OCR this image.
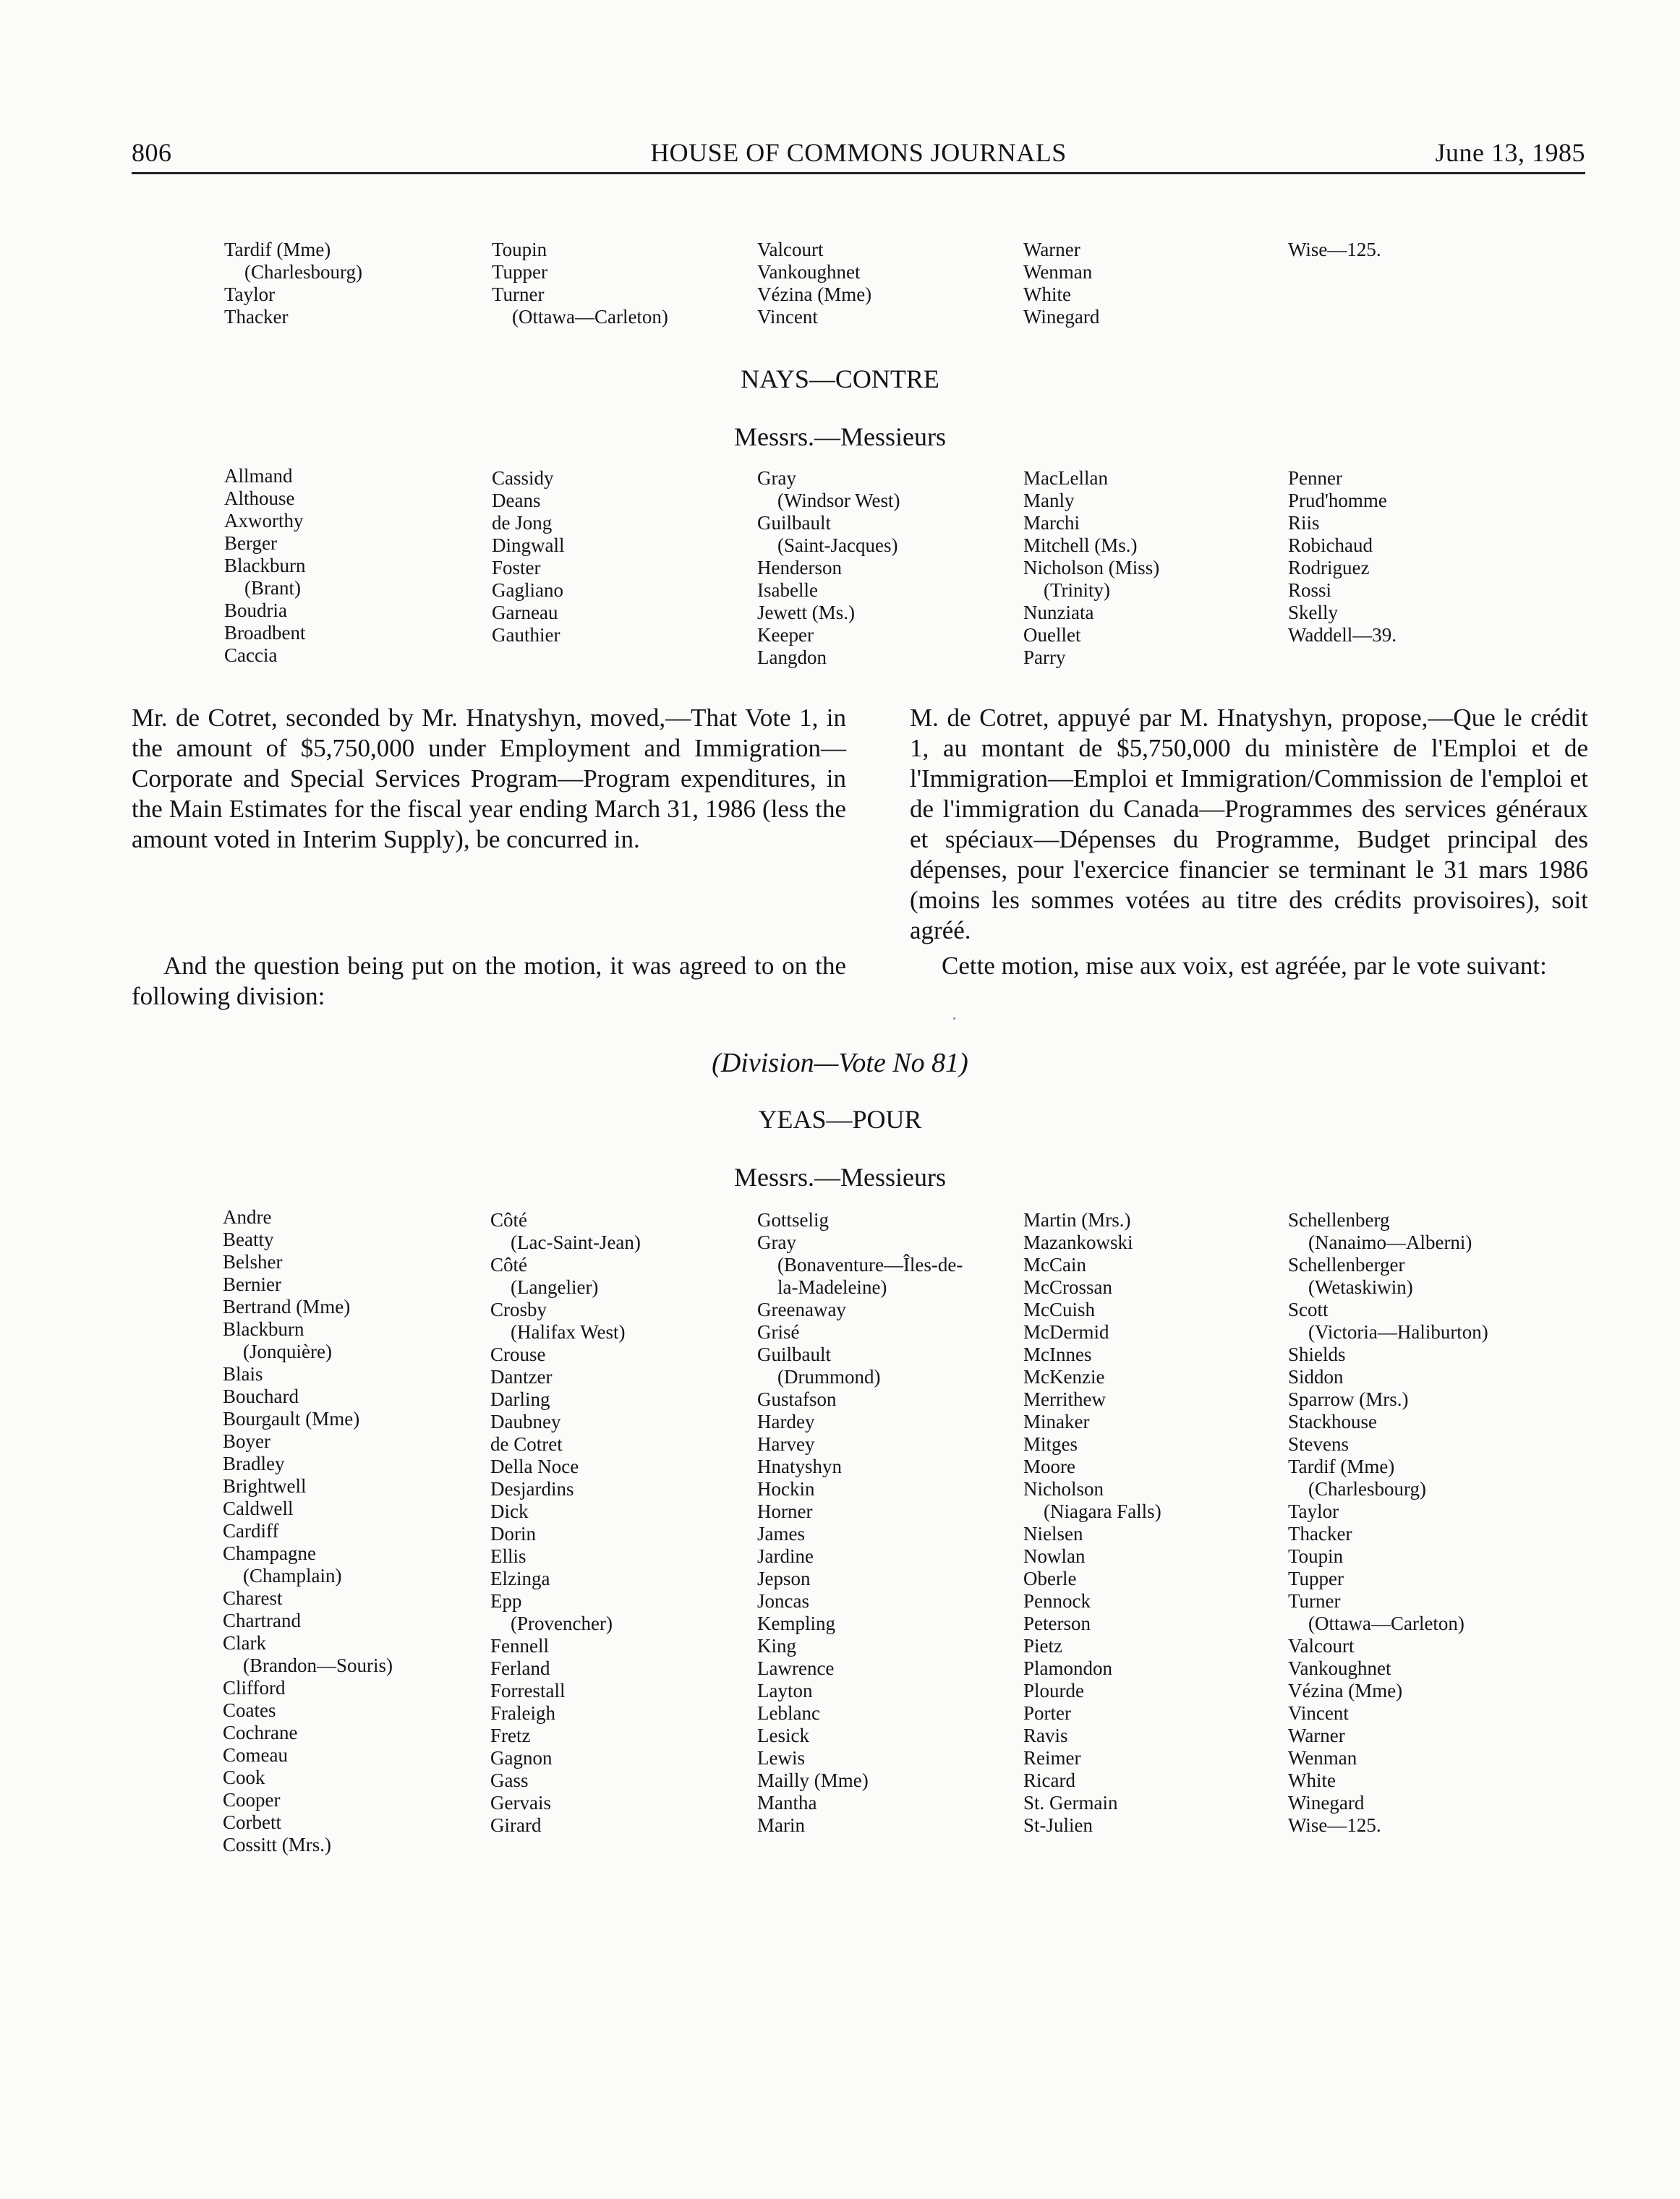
806	HOUSE OF COMMONS JOURNALS	June 13, 1985
Tardif (Mme)
(Charlesbourg)
Taylor
Thacker
Toupin
Tupper
Turner
(Ottawa—Carleton)
Valcourt
Vankoughnet
Vézina (Mme)
Vincent
Warner
Wenman
White
Winegard
Wise—125.
NAYS—CONTRE
Messrs.—Messieurs
Allmand
Althouse
Axworthy
Berger
Blackburn
(Brant)
Boudria
Broadbent
Caccia
Cassidy
Deans
de Jong
Dingwall
Foster
Gagliano
Garneau
Gauthier
Gray
(Windsor West)
Guilbault
(Saint-Jacques)
Henderson
Isabelle
Jewett (Ms.)
Keeper
Langdon
MacLellan
Manly
Marchi
Mitchell (Ms.)
Nicholson (Miss)
(Trinity)
Nunziata
Ouellet
Parry
Penner
Prud'homme
Riis
Robichaud
Rodriguez
Rossi
Skelly
Waddell—39.

Mr. de Cotret, seconded by Mr. Hnatyshyn, moved,—That Vote 1, in the amount of $5,750,000 under Employment and Immigration—Corporate and Special Services Program—Program expenditures, in the Main Estimates for the fiscal year ending March 31, 1986 (less the amount voted in Interim Supply), be concurred in.

M. de Cotret, appuyé par M. Hnatyshyn, propose,—Que le crédit 1, au montant de $5,750,000 du ministère de l'Emploi et de l'Immigration—Emploi et Immigration/Commission de l'emploi et de l'immigration du Canada—Programmes des services généraux et spéciaux—Dépenses du Programme, Budget principal des dépenses, pour l'exercice financier se terminant le 31 mars 1986 (moins les sommes votées au titre des crédits provisoires), soit agréé.

And the question being put on the motion, it was agreed to on the following division:

Cette motion, mise aux voix, est agréée, par le vote suivant:

(Division—Vote No 81)
YEAS—POUR
Messrs.—Messieurs
Andre
Beatty
Belsher
Bernier
Bertrand (Mme)
Blackburn
(Jonquière)
Blais
Bouchard
Bourgault (Mme)
Boyer
Bradley
Brightwell
Caldwell
Cardiff
Champagne
(Champlain)
Charest
Chartrand
Clark
(Brandon—Souris)
Clifford
Coates
Cochrane
Comeau
Cook
Cooper
Corbett
Cossitt (Mrs.)
Côté
(Lac-Saint-Jean)
Côté
(Langelier)
Crosby
(Halifax West)
Crouse
Dantzer
Darling
Daubney
de Cotret
Della Noce
Desjardins
Dick
Dorin
Ellis
Elzinga
Epp
(Provencher)
Fennell
Ferland
Forrestall
Fraleigh
Fretz
Gagnon
Gass
Gervais
Girard
Gottselig
Gray
(Bonaventure—Îles-de-
la-Madeleine)
Greenaway
Grisé
Guilbault
(Drummond)
Gustafson
Hardey
Harvey
Hnatyshyn
Hockin
Horner
James
Jardine
Jepson
Joncas
Kempling
King
Lawrence
Layton
Leblanc
Lesick
Lewis
Mailly (Mme)
Mantha
Marin
Martin (Mrs.)
Mazankowski
McCain
McCrossan
McCuish
McDermid
McInnes
McKenzie
Merrithew
Minaker
Mitges
Moore
Nicholson
(Niagara Falls)
Nielsen
Nowlan
Oberle
Pennock
Peterson
Pietz
Plamondon
Plourde
Porter
Ravis
Reimer
Ricard
St. Germain
St-Julien
Schellenberg
(Nanaimo—Alberni)
Schellenberger
(Wetaskiwin)
Scott
(Victoria—Haliburton)
Shields
Siddon
Sparrow (Mrs.)
Stackhouse
Stevens
Tardif (Mme)
(Charlesbourg)
Taylor
Thacker
Toupin
Tupper
Turner
(Ottawa—Carleton)
Valcourt
Vankoughnet
Vézina (Mme)
Vincent
Warner
Wenman
White
Winegard
Wise—125.
